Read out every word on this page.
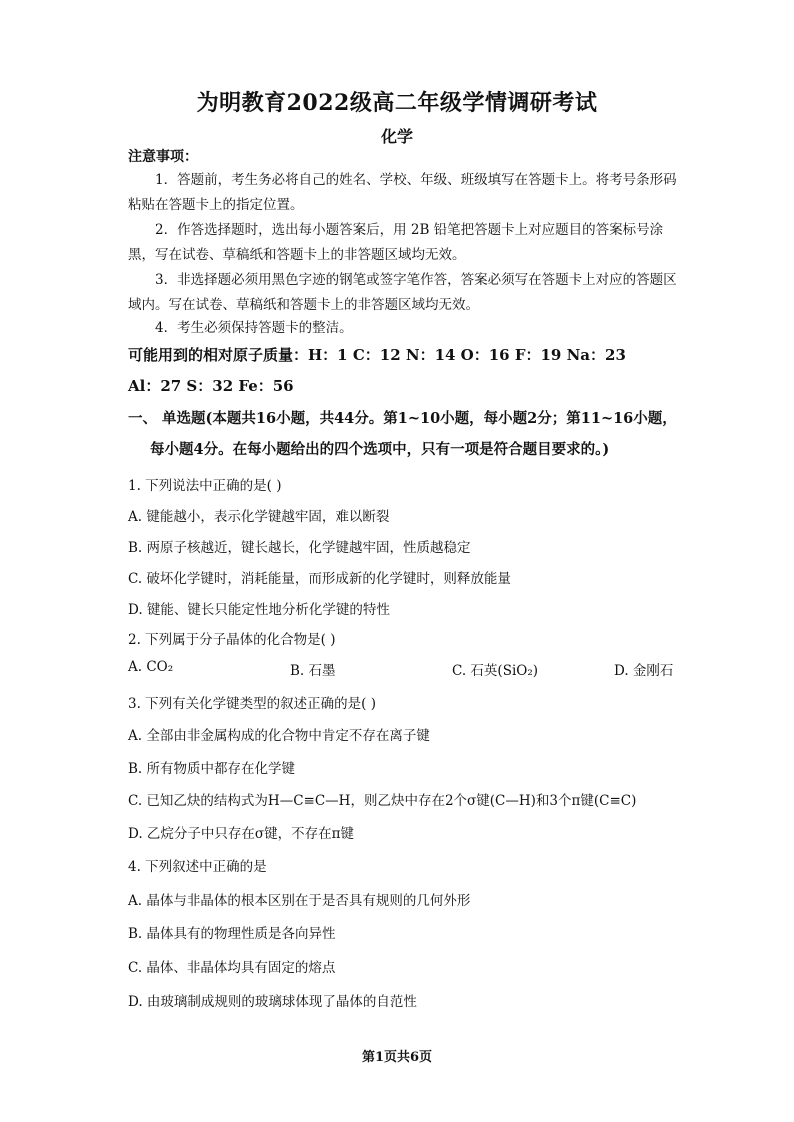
为明教育2022级高二年级学情调研考试
化学
注意事项：
1．答题前，考生务必将自己的姓名、学校、年级、班级填写在答题卡上。将考号条形码粘贴在答题卡上的指定位置。
2．作答选择题时，选出每小题答案后，用 2B 铅笔把答题卡上对应题目的答案标号涂黑，写在试卷、草稿纸和答题卡上的非答题区域均无效。
3．非选择题必须用黑色字迹的钢笔或签字笔作答，答案必须写在答题卡上对应的答题区域内。写在试卷、草稿纸和答题卡上的非答题区域均无效。
4．考生必须保持答题卡的整洁。
可能用到的相对原子质量：H：1 C：12 N：14 O：16 F：19 Na：23
Al：27 S：32 Fe：56
一、 单选题(本题共16小题，共44分。第1~10小题，每小题2分；第11~16小题，
每小题4分。在每小题给出的四个选项中，只有一项是符合题目要求的。)
1. 下列说法中正确的是( )
A. 键能越小，表示化学键越牢固，难以断裂
B. 两原子核越近，键长越长，化学键越牢固，性质越稳定
C. 破坏化学键时，消耗能量，而形成新的化学键时，则释放能量
D. 键能、键长只能定性地分析化学键的特性
2. 下列属于分子晶体的化合物是( )
A. CO₂	B. 石墨	C. 石英(SiO₂)	D. 金刚石
3. 下列有关化学键类型的叙述正确的是( )
A. 全部由非金属构成的化合物中肯定不存在离子键
B. 所有物质中都存在化学键
C. 已知乙炔的结构式为H—C≡C—H，则乙炔中存在2个σ键(C—H)和3个π键(C≡C)
D. 乙烷分子中只存在σ键，不存在π键
4. 下列叙述中正确的是
A. 晶体与非晶体的根本区别在于是否具有规则的几何外形
B. 晶体具有的物理性质是各向异性
C. 晶体、非晶体均具有固定的熔点
D. 由玻璃制成规则的玻璃球体现了晶体的自范性
第1页共6页
